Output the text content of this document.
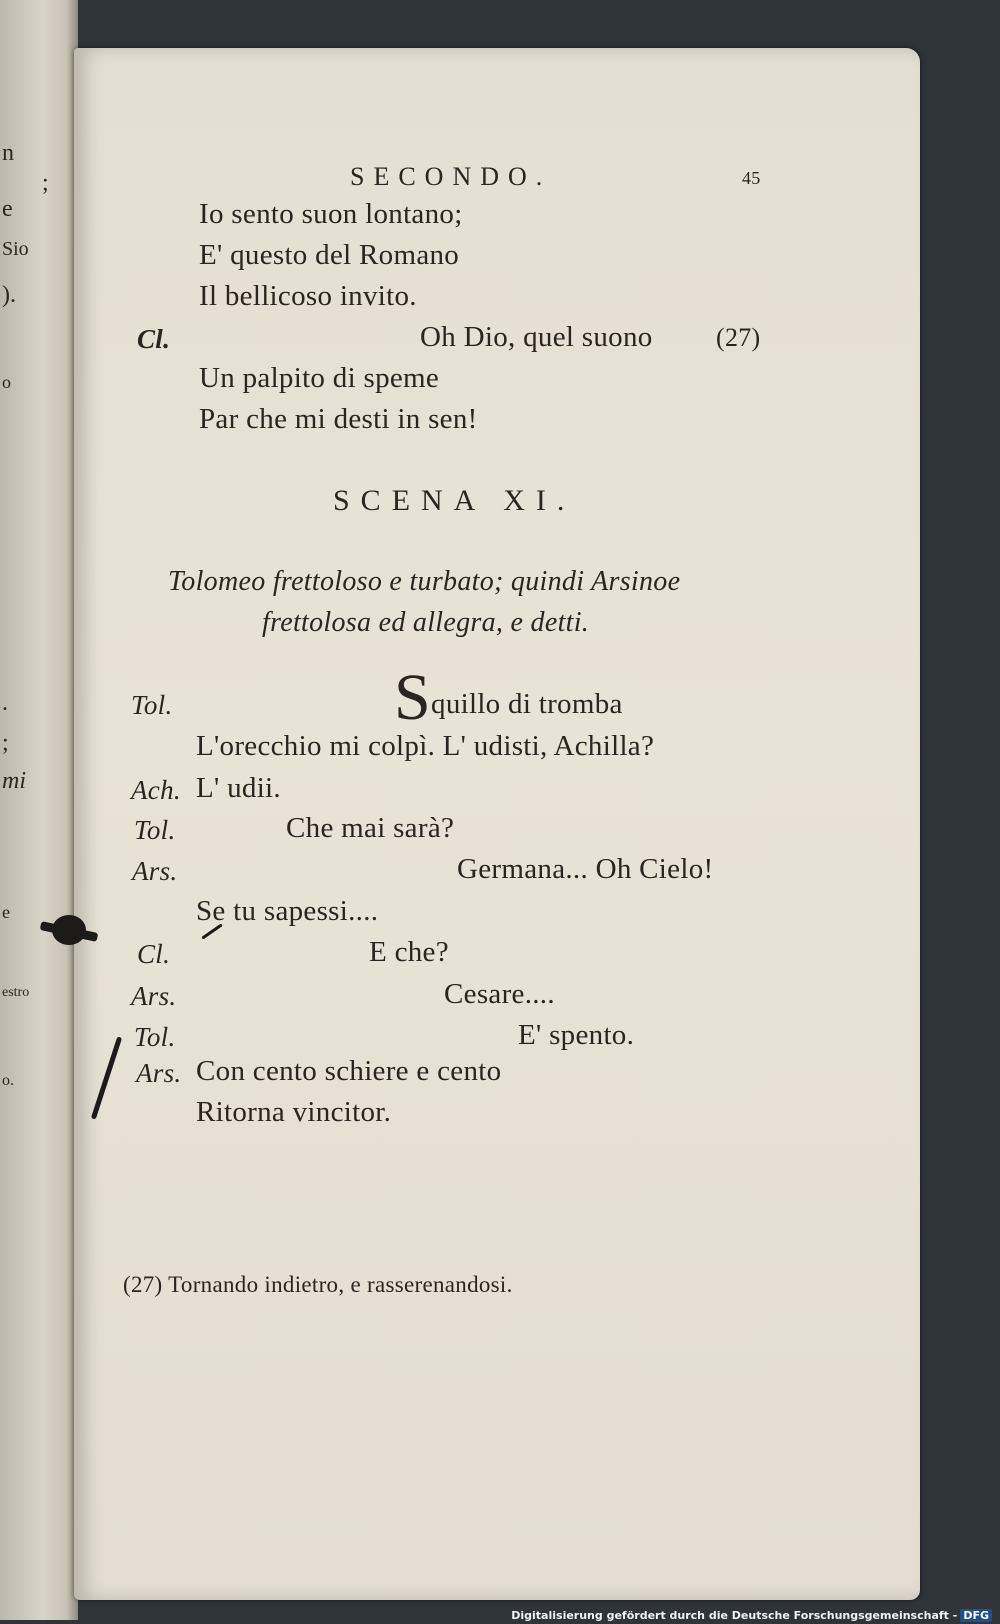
n
;
e
Sio
).
o
.
;
mi
e
estro
o.
SECONDO.	45
Io sento suon lontano;
E' questo del Romano
Il bellicoso invito.
Cl.	Oh Dio, quel suono (27)
Un palpito di speme
Par che mi desti in sen!
SCENA XI.
Tolomeo frettoloso e turbato; quindi Arsinoe
frettolosa ed allegra, e detti.
Tol.	Squillo di tromba
L'orecchio mi colpì. L' udisti, Achilla?
Ach. L' udii.
Tol.	Che mai sarà?
Ars.	Germana... Oh Cielo!
Se tu sapessi....
Cl.	E che?
Ars.	Cesare....
Tol.	E' spento.
Ars. Con cento schiere e cento
Ritorna vincitor.
(27) Tornando indietro, e rasserenandosi.
Digitalisierung gefördert durch die Deutsche Forschungsgemeinschaft - DFG
